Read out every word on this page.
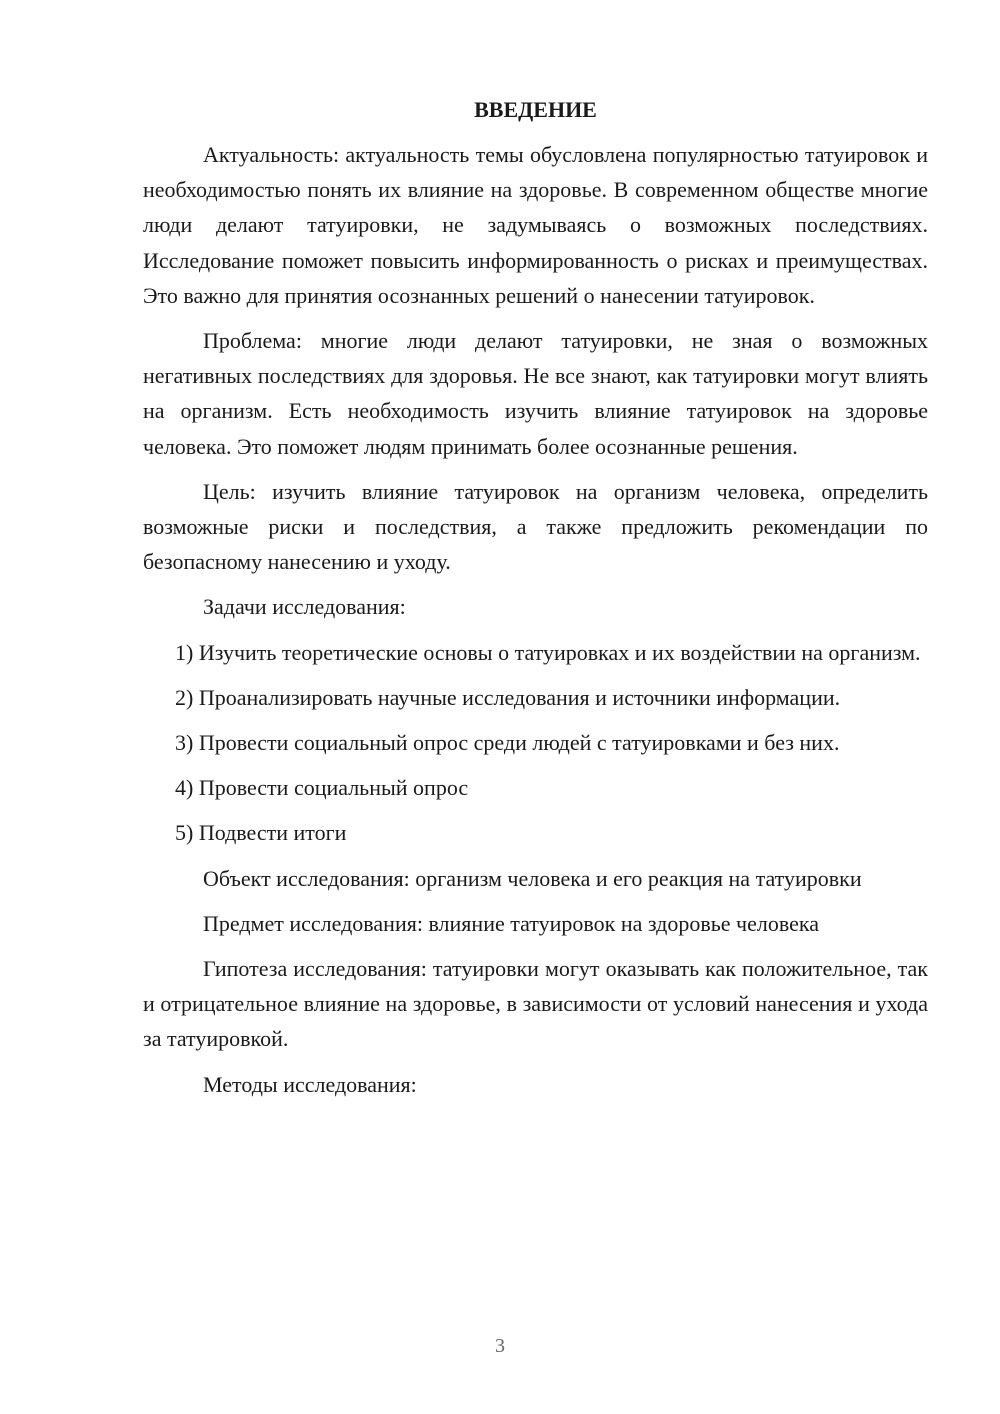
ВВЕДЕНИЕ

Актуальность: актуальность темы обусловлена популярностью татуировок и необходимостью понять их влияние на здоровье. В современном обществе многие люди делают татуировки, не задумываясь о возможных последствиях. Исследование поможет повысить информированность о рисках и преимуществах. Это важно для принятия осознанных решений о нанесении татуировок.

Проблема: многие люди делают татуировки, не зная о возможных негативных последствиях для здоровья. Не все знают, как татуировки могут влиять на организм. Есть необходимость изучить влияние татуировок на здоровье человека. Это поможет людям принимать более осознанные решения.

Цель: изучить влияние татуировок на организм человека, определить возможные риски и последствия, а также предложить рекомендации по безопасному нанесению и уходу.

Задачи исследования:

1) Изучить теоретические основы о татуировках и их воздействии на организм.

2) Проанализировать научные исследования и источники информации.

3) Провести социальный опрос среди людей с татуировками и без них.

4) Провести социальный опрос

5) Подвести итоги

Объект исследования: организм человека и его реакция на татуировки

Предмет исследования: влияние татуировок на здоровье человека

Гипотеза исследования: татуировки могут оказывать как положительное, так и отрицательное влияние на здоровье, в зависимости от условий нанесения и ухода за татуировкой.

Методы исследования:

3
